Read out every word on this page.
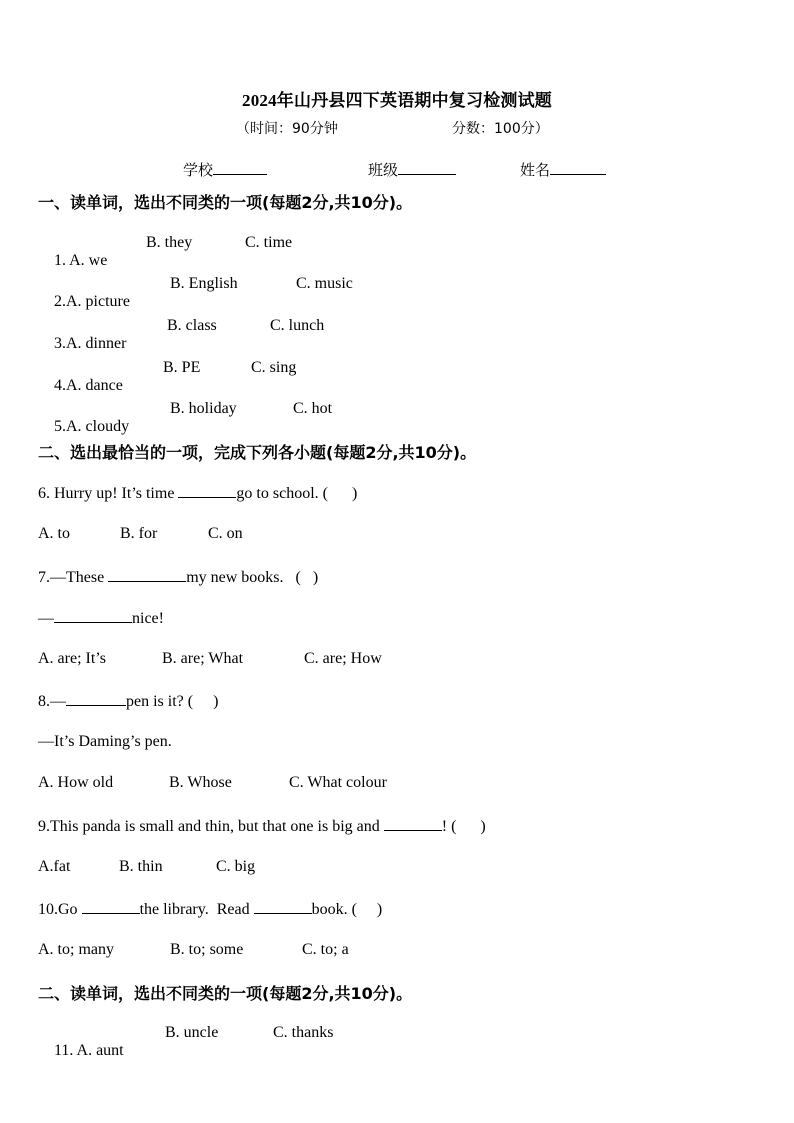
2024年山丹县四下英语期中复习检测试题
（时间：90分钟	分数：100分）
学校	班级	姓名
一、读单词，选出不同类的一项(每题2分,共10分)。

1. A. we

B. they	C. time

2.A. picture

B. English	C. music

3.A. dinner

B. class	C. lunch

4.A. dance

B. PE	C. sing

5.A. cloudy

B. holiday	C. hot
二、选出最恰当的一项，完成下列各小题(每题2分,共10分)。
6. Hurry up! It’s time	go to school. (      )
A. to	B. for	C. on
7.—These	my new books.   (   )
—	nice!
A. are; It’s	B. are; What	C. are; How
8.—	pen is it? (     )
—It’s Daming’s pen.
A. How old	B. Whose	C. What colour
9.This panda is small and thin, but that one is big and	! (      )
A.fat	B. thin	C. big
10.Go	the library.  Read	book. (     )
A. to; many	B. to; some	C. to; a
二、读单词，选出不同类的一项(每题2分,共10分)。

11. A. aunt

B. uncle	C. thanks
